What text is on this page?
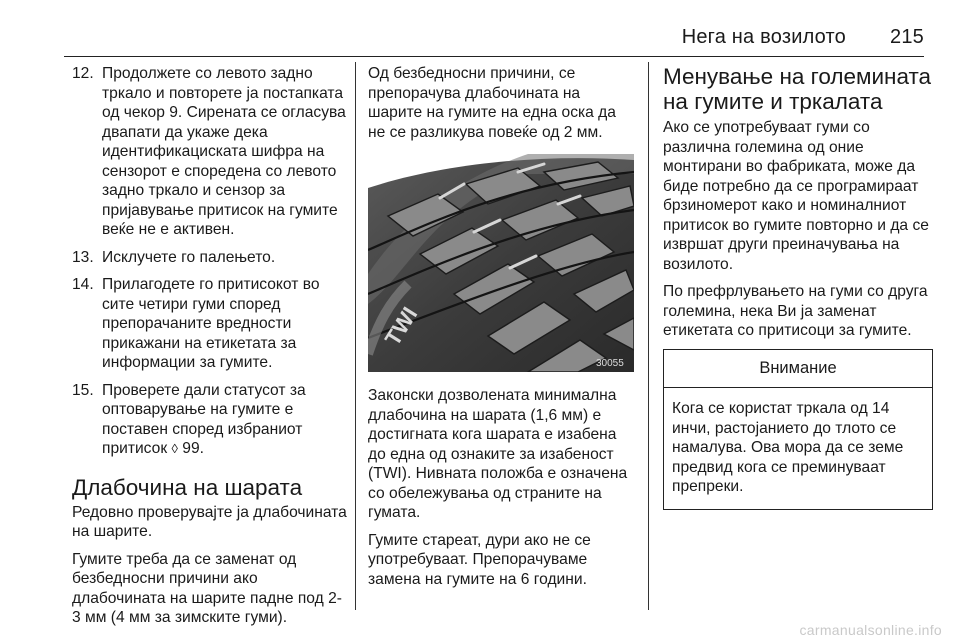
Нега на возилото 215
12. Продолжете со левото задно тркало и повторете ја постапката од чекор 9. Сирената се огласува двапати да укаже дека идентификациската шифра на сензорот е споредена со левото задно тркало и сензор за пријавување притисок на гумите веќе не е активен.
13. Исклучете го палењето.
14. Прилагодете го притисокот во сите четири гуми според препорачаните вредности прикажани на етикетата за информации за гумите.
15. Проверете дали статусот за оптоварување на гумите е поставен според избраниот притисок ◊ 99.
Длабочина на шарата

Редовно проверувајте ја длабочината на шарите.

Гумите треба да се заменат од безбедносни причини ако длабочината на шарите падне под 2-3 мм (4 мм за зимските гуми).

Од безбедносни причини, се препорачува длабочината на шарите на гумите на една оска да не се разликува повеќе од 2 мм.

TWI
30055

Законски дозволената минимална длабочина на шарата (1,6 мм) е достигната кога шарата е изабена до една од ознаките за изабеност (TWI). Нивната положба е означена со обележувања од страните на гумата.

Гумите стареат, дури ако не се употребуваат. Препорачуваме замена на гумите на 6 години.

Менување на големината на гумите и тркалата

Ако се употребуваат гуми со различна големина од оние монтирани во фабриката, може да биде потребно да се програмираат брзиномерот како и номиналниот притисок во гумите повторно и да се извршат други преиначувања на возилото.

По префрлувањето на гуми со друга големина, нека Ви ја заменат етикетата со притисоци за гумите.

Внимание
Кога се користат тркала од 14 инчи, растојанието до тлото се намалува. Ова мора да се земе предвид кога се преминуваат препреки.
carmanualsonline.info
